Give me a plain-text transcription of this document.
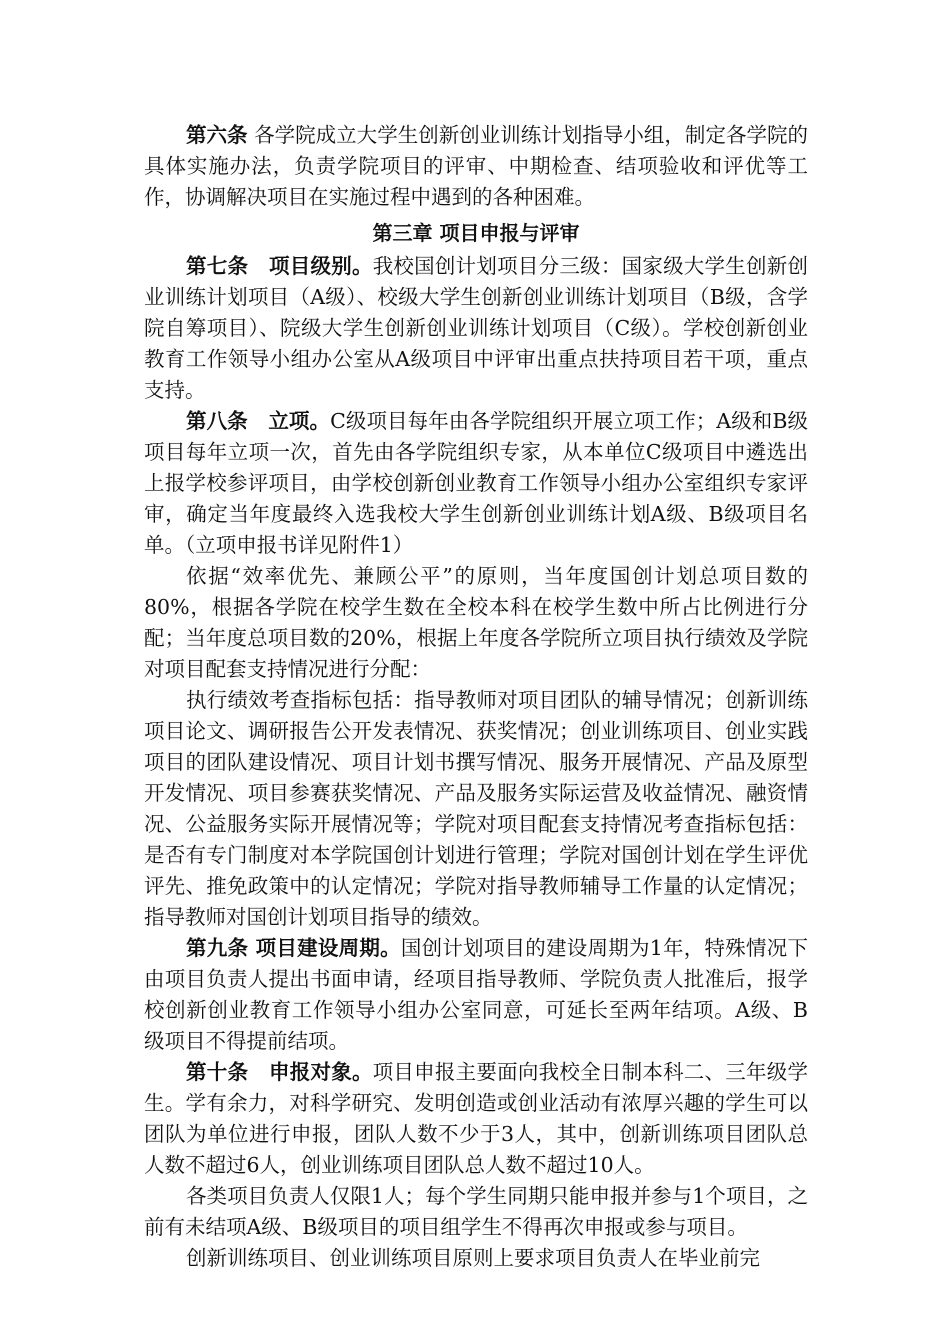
第六条 各学院成立大学生创新创业训练计划指导小组，制定各学院的具体实施办法，负责学院项目的评审、中期检查、结项验收和评优等工作，协调解决项目在实施过程中遇到的各种困难。

第三章 项目申报与评审

第七条　项目级别。我校国创计划项目分三级：国家级大学生创新创业训练计划项目（A级）、校级大学生创新创业训练计划项目（B级，含学院自筹项目）、院级大学生创新创业训练计划项目（C级）。学校创新创业教育工作领导小组办公室从A级项目中评审出重点扶持项目若干项，重点支持。

第八条　立项。C级项目每年由各学院组织开展立项工作；A级和B级项目每年立项一次，首先由各学院组织专家，从本单位C级项目中遴选出上报学校参评项目，由学校创新创业教育工作领导小组办公室组织专家评审，确定当年度最终入选我校大学生创新创业训练计划A级、B级项目名单。（立项申报书详见附件1）

依据“效率优先、兼顾公平”的原则，当年度国创计划总项目数的80%，根据各学院在校学生数在全校本科在校学生数中所占比例进行分配；当年度总项目数的20%，根据上年度各学院所立项目执行绩效及学院对项目配套支持情况进行分配：

执行绩效考查指标包括：指导教师对项目团队的辅导情况；创新训练项目论文、调研报告公开发表情况、获奖情况；创业训练项目、创业实践项目的团队建设情况、项目计划书撰写情况、服务开展情况、产品及原型开发情况、项目参赛获奖情况、产品及服务实际运营及收益情况、融资情况、公益服务实际开展情况等；学院对项目配套支持情况考查指标包括：是否有专门制度对本学院国创计划进行管理；学院对国创计划在学生评优评先、推免政策中的认定情况；学院对指导教师辅导工作量的认定情况；指导教师对国创计划项目指导的绩效。

第九条 项目建设周期。国创计划项目的建设周期为1年，特殊情况下由项目负责人提出书面申请，经项目指导教师、学院负责人批准后，报学校创新创业教育工作领导小组办公室同意，可延长至两年结项。A级、B级项目不得提前结项。

第十条　申报对象。项目申报主要面向我校全日制本科二、三年级学生。学有余力，对科学研究、发明创造或创业活动有浓厚兴趣的学生可以团队为单位进行申报，团队人数不少于3人，其中，创新训练项目团队总人数不超过6人，创业训练项目团队总人数不超过10人。

各类项目负责人仅限1人；每个学生同期只能申报并参与1个项目，之前有未结项A级、B级项目的项目组学生不得再次申报或参与项目。

创新训练项目、创业训练项目原则上要求项目负责人在毕业前完
